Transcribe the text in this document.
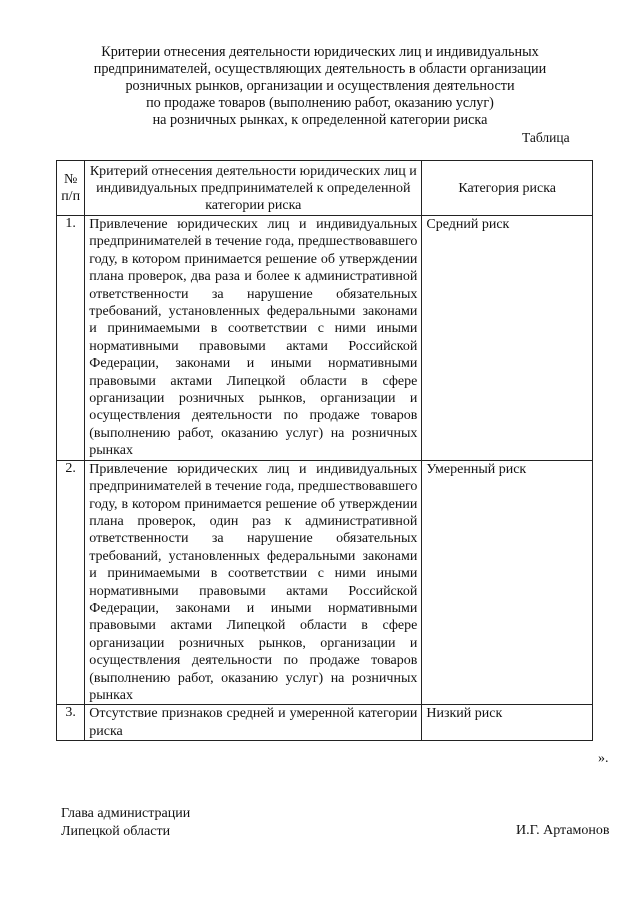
Критерии отнесения деятельности юридических лиц и индивидуальных
предпринимателей, осуществляющих деятельность в области организации
розничных рынков, организации и осуществления деятельности
по продаже товаров (выполнению работ, оказанию услуг)
на розничных рынках, к определенной категории риска
Таблица
№ п/п	Критерий отнесения деятельности юридических лиц и индивидуальных предпринимателей к определенной категории риска	Категория риска
1.	Привлечение юридических лиц и индивидуальных предпринимателей в течение года, предшествовавшего году, в котором принимается решение об утверждении плана проверок, два раза и более к административной ответственности за нарушение обязательных требований, установленных федеральными законами и принимаемыми в соответствии с ними иными нормативными правовыми актами Российской Федерации, законами и иными нормативными правовыми актами Липецкой области в сфере организации розничных рынков, организации и осуществления деятельности по продаже товаров (выполнению работ, оказанию услуг) на розничных рынках	Средний риск
2.	Привлечение юридических лиц и индивидуальных предпринимателей в течение года, предшествовавшего году, в котором принимается решение об утверждении плана проверок, один раз к административной ответственности за нарушение обязательных требований, установленных федеральными законами и принимаемыми в соответствии с ними иными нормативными правовыми актами Российской Федерации, законами и иными нормативными правовыми актами Липецкой области в сфере организации розничных рынков, организации и осуществления деятельности по продаже товаров (выполнению работ, оказанию услуг) на розничных рынках	Умеренный риск
3.	Отсутствие признаков средней и умеренной категории риска	Низкий риск
».
Глава администрации
Липецкой области	И.Г. Артамонов
